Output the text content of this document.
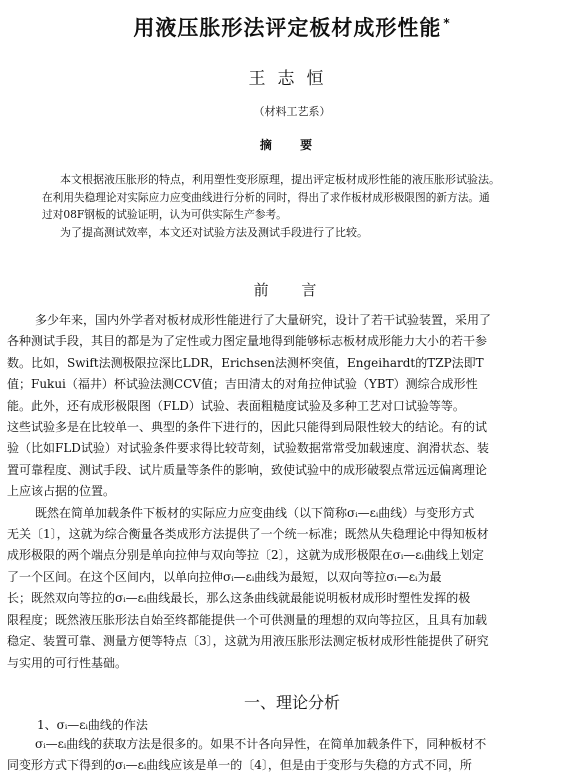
用液压胀形法评定板材成形性能 *
王志恒
（材料工艺系）
摘 要

本文根据液压胀形的特点，利用塑性变形原理，提出评定板材成形性能的液压胀形试验法。

在利用失稳理论对实际应力应变曲线进行分析的同时，得出了求作板材成形极限图的新方法。通

过对08F钢板的试验证明，认为可供实际生产参考。

为了提高测试效率，本文还对试验方法及测试手段进行了比较。

前 言

多少年来，国内外学者对板材成形性能进行了大量研究，设计了若干试验装置，采用了

各种测试手段，其目的都是为了定性或力图定量地得到能够标志板材成形能力大小的若干参

数。比如，Swift法测极限拉深比LDR，Erichsen法测杯突值，Engeihardt的TZP法即T

值；Fukui（福井）杯试验法测CCV值；吉田清太的对角拉伸试验（YBT）测综合成形性

能。此外，还有成形极限图（FLD）试验、表面粗糙度试验及多种工艺对口试验等等。

这些试验多是在比较单一、典型的条件下进行的，因此只能得到局限性较大的结论。有的试

验（比如FLD试验）对试验条件要求得比较苛刻，试验数据常常受加载速度、润滑状态、装

置可靠程度、测试手段、试片质量等条件的影响，致使试验中的成形破裂点常远远偏离理论

上应该占据的位置。

既然在简单加载条件下板材的实际应力应变曲线（以下简称σᵢ—εᵢ曲线）与变形方式

无关〔1〕，这就为综合衡量各类成形方法提供了一个统一标准；既然从失稳理论中得知板材

成形极限的两个端点分别是单向拉伸与双向等拉〔2〕，这就为成形极限在σᵢ—εᵢ曲线上划定

了一个区间。在这个区间内，以单向拉伸σᵢ—εᵢ曲线为最短，以双向等拉σᵢ—εᵢ为最

长；既然双向等拉的σᵢ—εᵢ曲线最长，那么这条曲线就最能说明板材成形时塑性发挥的极

限程度；既然液压胀形法自始至终都能提供一个可供测量的理想的双向等拉区，且具有加载

稳定、装置可靠、测量方便等特点〔3〕，这就为用液压胀形法测定板材成形性能提供了研究

与实用的可行性基础。

一、理论分析
1、σᵢ—εᵢ曲线的作法

σᵢ—εᵢ曲线的获取方法是很多的。如果不计各向异性，在简单加载条件下，同种板材不

同变形方式下得到的σᵢ—εᵢ曲线应该是单一的〔4〕，但是由于变形与失稳的方式不同，所
